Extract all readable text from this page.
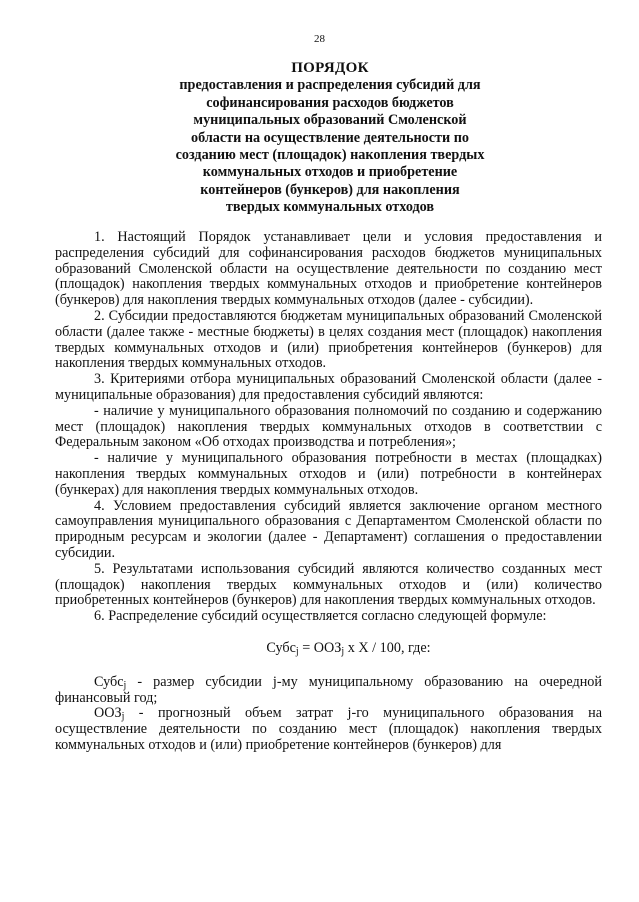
28
ПОРЯДОК
предоставления и распределения субсидий для
софинансирования расходов бюджетов
муниципальных образований Смоленской
области на осуществление деятельности по
созданию мест (площадок) накопления твердых
коммунальных отходов и приобретение
контейнеров (бункеров) для накопления
твердых коммунальных отходов

1. Настоящий Порядок устанавливает цели и условия предоставления и распределения субсидий для софинансирования расходов бюджетов муниципальных образований Смоленской области на осуществление деятельности по созданию мест (площадок) накопления твердых коммунальных отходов и приобретение контейнеров (бункеров) для накопления твердых коммунальных отходов (далее - субсидии).

2. Субсидии предоставляются бюджетам муниципальных образований Смоленской области (далее также - местные бюджеты) в целях создания мест (площадок) накопления твердых коммунальных отходов и (или) приобретения контейнеров (бункеров) для накопления твердых коммунальных отходов.

3. Критериями отбора муниципальных образований Смоленской области (далее - муниципальные образования) для предоставления субсидий являются:

- наличие у муниципального образования полномочий по созданию и содержанию мест (площадок) накопления твердых коммунальных отходов в соответствии с Федеральным законом «Об отходах производства и потребления»;

- наличие у муниципального образования потребности в местах (площадках) накопления твердых коммунальных отходов и (или) потребности в контейнерах (бункерах) для накопления твердых коммунальных отходов.

4. Условием предоставления субсидий является заключение органом местного самоуправления муниципального образования с Департаментом Смоленской области по природным ресурсам и экологии (далее - Департамент) соглашения о предоставлении субсидии.

5. Результатами использования субсидий являются количество созданных мест (площадок) накопления твердых коммунальных отходов и (или) количество приобретенных контейнеров (бункеров) для накопления твердых коммунальных отходов.

6. Распределение субсидий осуществляется согласно следующей формуле:

Субс$_j$ = $ООЗ_j$ х Х / 100, где:

Субс$_j$ - размер субсидии j-му муниципальному образованию на очередной финансовый год;

$ООЗ_j$ - прогнозный объем затрат j-го муниципального образования на осуществление деятельности по созданию мест (площадок) накопления твердых коммунальных отходов и (или) приобретение контейнеров (бункеров) для
